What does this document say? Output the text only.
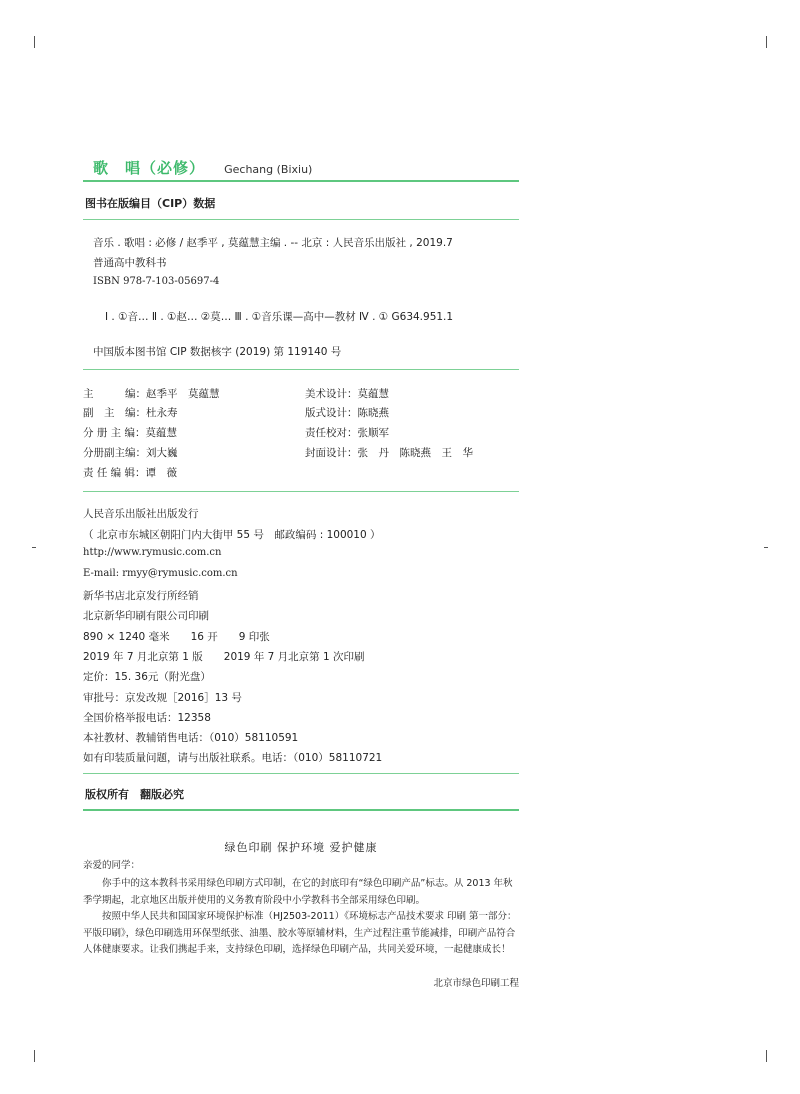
歌　唱（必修） Gechang (Bixiu)
图书在版编目（CIP）数据
音乐 . 歌唱 : 必修 / 赵季平 , 莫蕴慧主编 . -- 北京 : 人民音乐出版社 , 2019.7
普通高中教科书
ISBN 978-7-103-05697-4
Ⅰ . ①音… Ⅱ . ①赵… ②莫… Ⅲ . ①音乐课—高中—教材 Ⅳ . ① G634.951.1
中国版本图书馆 CIP 数据核字 (2019) 第 119140 号
主　　　编：赵季平　莫蕴慧
副　主　编：杜永寿
分 册 主 编：莫蕴慧
分册副主编：刘大巍
责 任 编 辑：谭　薇
美术设计：莫蕴慧
版式设计：陈晓燕
责任校对：张顺军
封面设计：张　丹　陈晓燕　王　华
人民音乐出版社出版发行
（ 北京市东城区朝阳门内大街甲 55 号　邮政编码 : 100010 ）
http://www.rymusic.com.cn
E-mail: rmyy@rymusic.com.cn
新华书店北京发行所经销
北京新华印刷有限公司印刷
890 × 1240 毫米　　16 开　　9 印张
2019 年 7 月北京第 1 版　　2019 年 7 月北京第 1 次印刷
定价：15. 36元（附光盘）
审批号：京发改规［2016］13 号
全国价格举报电话：12358
本社教材、教辅销售电话：（010）58110591
如有印装质量问题，请与出版社联系。电话：（010）58110721
版权所有　翻版必究
绿色印刷 保护环境 爱护健康
亲爱的同学：

你手中的这本教科书采用绿色印刷方式印制，在它的封底印有“绿色印刷产品”标志。从 2013 年秋季学期起，北京地区出版并使用的义务教育阶段中小学教科书全部采用绿色印刷。

按照中华人民共和国国家环境保护标准（HJ2503-2011）《环境标志产品技术要求 印刷 第一部分：平版印刷》，绿色印刷选用环保型纸张、油墨、胶水等原辅材料，生产过程注重节能减排，印刷产品符合人体健康要求。让我们携起手来，支持绿色印刷，选择绿色印刷产品，共同关爱环境，一起健康成长！

北京市绿色印刷工程
